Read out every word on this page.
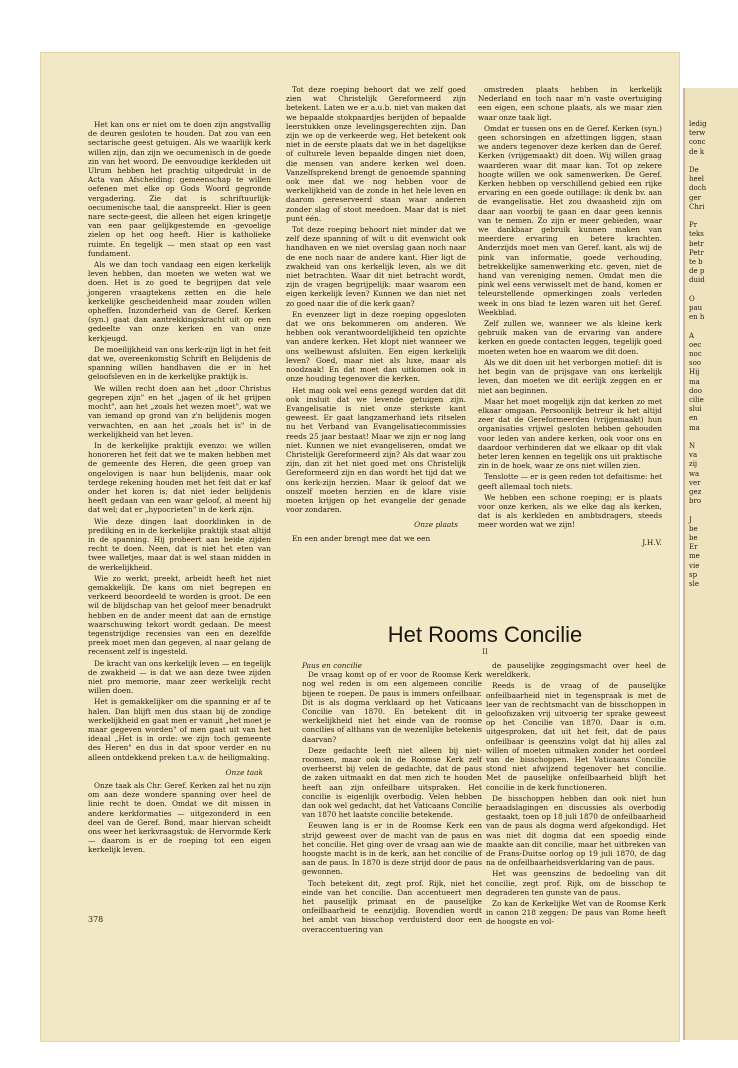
ledig
terw
conc
de k
De
heel
doch
ger
Chri
Pr
teks
betr
Petr
te b
de p
duid
O
pau
en h
A
oec
noc
soo
Hij
ma
doo
cilie
slui
en
ma
N
va
zij
wa
ver
gez
bro
J
be
be
Er
me
vie
sp
sle

Het kan ons er niet om te doen zijn angstvallig de deuren gesloten te houden. Dat zou van een sectarische geest getuigen. Als we waarlijk kerk willen zijn, dan zijn we oecumenisch in de goede zin van het woord. De eenvoudige kerkleden uit Ulrum hebben het prachtig uitgedrukt in de Acta van Afscheiding: gemeenschap te willen oefenen met elke op Gods Woord gegronde vergadering. Zie dat is schriftuurlijk-oecumenische taal, die aanspreekt. Hier is geen nare secte-geest, die alleen het eigen kringetje van een paar gelijkgestemde en -gevoelige zielen op het oog heeft. Hier is katholieke ruimte. En tegelijk — men staat op een vast fundament.

Als we dan toch vandaag een eigen kerkelijk leven hebben, dan moeten we weten wat we doen. Het is zo goed te begrijpen dat vele jongeren vraagtekens zetten en die hele kerkelijke gescheidenheid maar zouden willen opheffen. Inzonderheid van de Geref. Kerken (syn.) gaat dan aantrekkingskracht uit op een gedeelte van onze kerken en van onze kerkjeugd.

De moeilijkheid van ons kerk-zijn ligt in het feit dat we, overeenkomstig Schrift en Belijdenis de spanning willen handhaven die er in het geloofsleven en in de kerkelijke praktijk is.

We willen recht doen aan het „door Christus gegrepen zijn" en het „jagen of ik het grijpen mocht", aan het „zoals het wezen moet", wat we van iemand op grond van z'n belijdenis mogen verwachten, en aan het „zoals het is" in de werkelijkheid van het leven.

In de kerkelijke praktijk evenzo: we willen honoreren het feit dat we te maken hebben met de gemeente des Heren, die geen groep van ongelovigen is naar hun belijdenis, maar ook terdege rekening houden met het feit dat er kaf onder het koren is; dat niet ieder belijdenis heeft gedaan van een waar geloof, al meent hij dat wel; dat er „hypocrieten" in de kerk zijn.

Wie deze dingen laat doorklinken in de prediking en in de kerkelijke praktijk staat altijd in de spanning. Hij probeert aan beide zijden recht te doen. Neen, dat is niet het eten van twee walletjes, maar dat is wel staan midden in de werkelijkheid.

Wie zo werkt, preekt, arbeidt heeft het niet gemakkelijk. De kans om niet begrepen en verkeerd beoordeeld te worden is groot. De een wil de blijdschap van het geloof meer benadrukt hebben en de ander meent dat aan de ernstige waarschuwing tekort wordt gedaan. De meest tegenstrijdige recensies van een en dezelfde preek moet men dan gegeven, al naar gelang de recensent zelf is ingesteld.

De kracht van ons kerkelijk leven — en tegelijk de zwakheid — is dat we aan deze twee zijden niet pro memorie, maar zeer werkelijk recht willen doen.

Het is gemakkelijker om die spanning er af te halen. Dan blijft men dus staan bij de zondige werkelijkheid en gaat men er vanuit „het moet je maar gegeven worden" of men gaat uit van het ideaal „Het is in orde: we zijn toch gemeente des Heren" en dus in dat spoor verder en nu alleen ontdekkend preken t.a.v. de heiligmaking.

Onze taak

Onze taak als Chr. Geref. Kerken zal het nu zijn om aan deze wondere spanning over heel de linie recht te doen. Omdat we dit missen in andere kerkformaties — uitgezonderd in een deel van de Geref. Bond, maar hiervan scheidt ons weer het kerkvraagstuk: de Hervormde Kerk — daarom is er de roeping tot een eigen kerkelijk leven.

Tot deze roeping behoort dat we zelf goed zien wat Christelijk Gereformeerd zijn betekent. Laten we er a.u.b. niet van maken dat we bepaalde stokpaardjes berijden of bepaalde leerstukken onze levelingsgerechten zijn. Dan zijn we op de verkeerde weg. Het betekent ook niet in de eerste plaats dat we in het dagelijkse of culturele leven bepaalde dingen niet doen, die mensen van andere kerken wel doen. Vanzelfsprekend brengt de genoemde spanning ook mee dat we nog hebben voor de werkelijkheid van de zonde in het hele leven en daarom gereserveerd staan waar anderen zonder slag of stoot meedoen. Maar dat is niet punt één.

Tot deze roeping behoort niet minder dat we zelf deze spanning of wilt u dit evenwicht ook handhaven en we niet overslag gaan noch naar de ene noch naar de andere kant. Hier ligt de zwakheid van ons kerkelijk leven, als we dit niet betrachten. Waar dit niet betracht wordt, zijn de vragen begrijpelijk: maar waarom een eigen kerkelijk leven? Kunnen we dan niet net zo goed naar die of die kerk gaan?

En evenzeer ligt in deze roeping opgesloten dat we ons bekommeren om anderen. We hebben ook verantwoordelijkheid ten opzichte van andere kerken. Het klopt niet wanneer we ons welbewust afsluiten. Een eigen kerkelijk leven? Goed, maar niet als luxe, maar als noodzaak! En dat moet dan uitkomen ook in onze houding tegenover die kerken.

Het mag ook wel eens gezegd worden dat dit ook insluit dat we levende getuigen zijn. Evangelisatie is niet onze sterkste kant geweest. Er gaat langzamerhand iets ritselen nu het Verband van Evangelisatiecommissies reeds 25 jaar bestaat! Maar we zijn er nog lang niet. Kunnen we niet evangeliseren, omdat we Christelijk Gereformeerd zijn? Als dat waar zou zijn, dan zit het niet goed met ons Christelijk Gereformeerd zijn en dan wordt het tijd dat we ons kerk-zijn herzien. Maar ik geloof dat we onszelf moeten herzien en de klare visie moeten krijgen op het evangelie der genade voor zondaren.

Onze plaats

En een ander brengt mee dat we een

omstreden plaats hebben in kerkelijk Nederland en toch naar m'n vaste overtuiging een eigen, een schone plaats, als we maar zien waar onze taak ligt.

Omdat er tussen ons en de Geref. Kerken (syn.) geen schorsingen en afzettingen liggen, staan we anders tegenover deze kerken dan de Geref. Kerken (vrijgemaakt) dit doen. Wij willen graag waarderen waar dit maar kan. Tot op zekere hoogte willen we ook samenwerken. De Geref. Kerken hebben op verschillend gebied een rijke ervaring en een goede outillage: ik denk bv. aan de evangelisatie. Het zou dwaasheid zijn om daar aan voorbij te gaan en daar geen kennis van te nemen. Zo zijn er meer gebieden, waar we dankbaar gebruik kunnen maken van meerdere ervaring en betere krachten. Anderzijds moet men van Geref. kant, als wij de pink van informatie, goede verhouding, betrekkelijke samenwerking etc. geven, niet de hand van vereniging nemen. Omdat men die pink wel eens verwisselt met de hand, komen er teleurstellende opmerkingen zoals verleden week in ons blad te lezen waren uit het Geref. Weekblad.

Zelf zullen we, wanneer we als kleine kerk gebruik maken van de ervaring van andere kerken en goede contacten leggen, tegelijk goed moeten weten hoe en waarom we dit doen.

Als we dit doen uit het verborgen motief: dit is het begin van de prijsgave van ons kerkelijk leven, dan moeten we dit eerlijk zeggen en er niet aan beginnen.

Maar het moet mogelijk zijn dat kerken zo met elkaar omgaan. Persoonlijk betreur ik het altijd zeer dat de Gereformeerden (vrijgemaakt) hun organisaties vrijwel gesloten hebben gehouden voor leden van andere kerken, ook voor ons en daardoor verhinderen dat we elkaar op dit vlak beter leren kennen en tegelijk ons uit praktische zin in de hoek, waar ze ons niet willen zien.

Tenslotte — er is geen reden tot defaitisme: het geeft allemaal toch niets.

We hebben een schone roeping; er is plaats voor onze kerken, als we elke dag als kerken, dat is als kerkleden en ambtsdragers, steeds meer worden wat we zijn!

J.H.V.
Het Rooms Concilie
II
Paus en concilie

De vraag komt op of er voor de Roomse Kerk nog wel reden is om een algemeen concilie bijeen te roepen. De paus is immers onfeilbaar. Dit is als dogma verklaard op het Vaticaans Concilie van 1870. En betekent dit in werkelijkheid niet het einde van de roomse concilies of althans van de wezenlijke betekenis daarvan?

Deze gedachte leeft niet alleen bij niet-roomsen, maar ook in de Roomse Kerk zelf overheerst bij velen de gedachte, dat de paus de zaken uitmaakt en dat men zich te houden heeft aan zijn onfeilbare uitspraken. Het concilie is eigenlijk overbodig. Velen hebben dan ook wel gedacht, dat het Vaticaans Concilie van 1870 het laatste concilie betekende.

Eeuwen lang is er in de Roomse Kerk een strijd geweest over de macht van de paus en het concilie. Het ging over de vraag aan wie de hoogste macht is in de kerk, aan het concilie of aan de paus. In 1870 is deze strijd door de paus gewonnen.

Toch betekent dit, zegt prof. Rijk, niet het einde van het concilie. Dan accentueert men het pauselijk primaat en de pauselijke onfeilbaarheid te eenzijdig. Bovendien wordt het ambt van bisschop verduisterd door een overaccentuering van

de pauselijke zeggingsmacht over heel de wereldkerk.

Reeds is de vraag of de pauselijke onfeilbaarheid niet in tegenspraak is met de leer van de rechtsmacht van de bisschoppen in geloofszaken vrij uitvoerig ter sprake geweest op het Concilie van 1870. Daar is o.m. uitgesproken, dat uit het feit, dat de paus onfeilbaar is geenszins volgt dat hij alles zal willen of moeten uitmaken zonder het oordeel van de bisschoppen. Het Vaticaans Concilie stond niet afwijzend tegenover het concilie. Met de pauselijke onfeilbaarheid blijft het concilie in de kerk functioneren.

De bisschoppen hebben dan ook niet hun beraadslagingen en discussies als overbodig gestaakt, toen op 18 juli 1870 de onfeilbaarheid van de paus als dogma werd afgekondigd. Het was niet dit dogma dat een spoedig einde maakte aan dit concilie, maar het uitbreken van de Frans-Duitse oorlog op 19 juli 1870, de dag na de onfeilbaarheidsverklaring van de paus.

Het was geenszins de bedoeling van dit concilie, zegt prof. Rijk, om de bisschop te degraderen ten gunste van de paus.

Zo kan de Kerkelijke Wet van de Roomse Kerk in canon 218 zeggen: De paus van Rome heeft de hoogste en vol-

378
